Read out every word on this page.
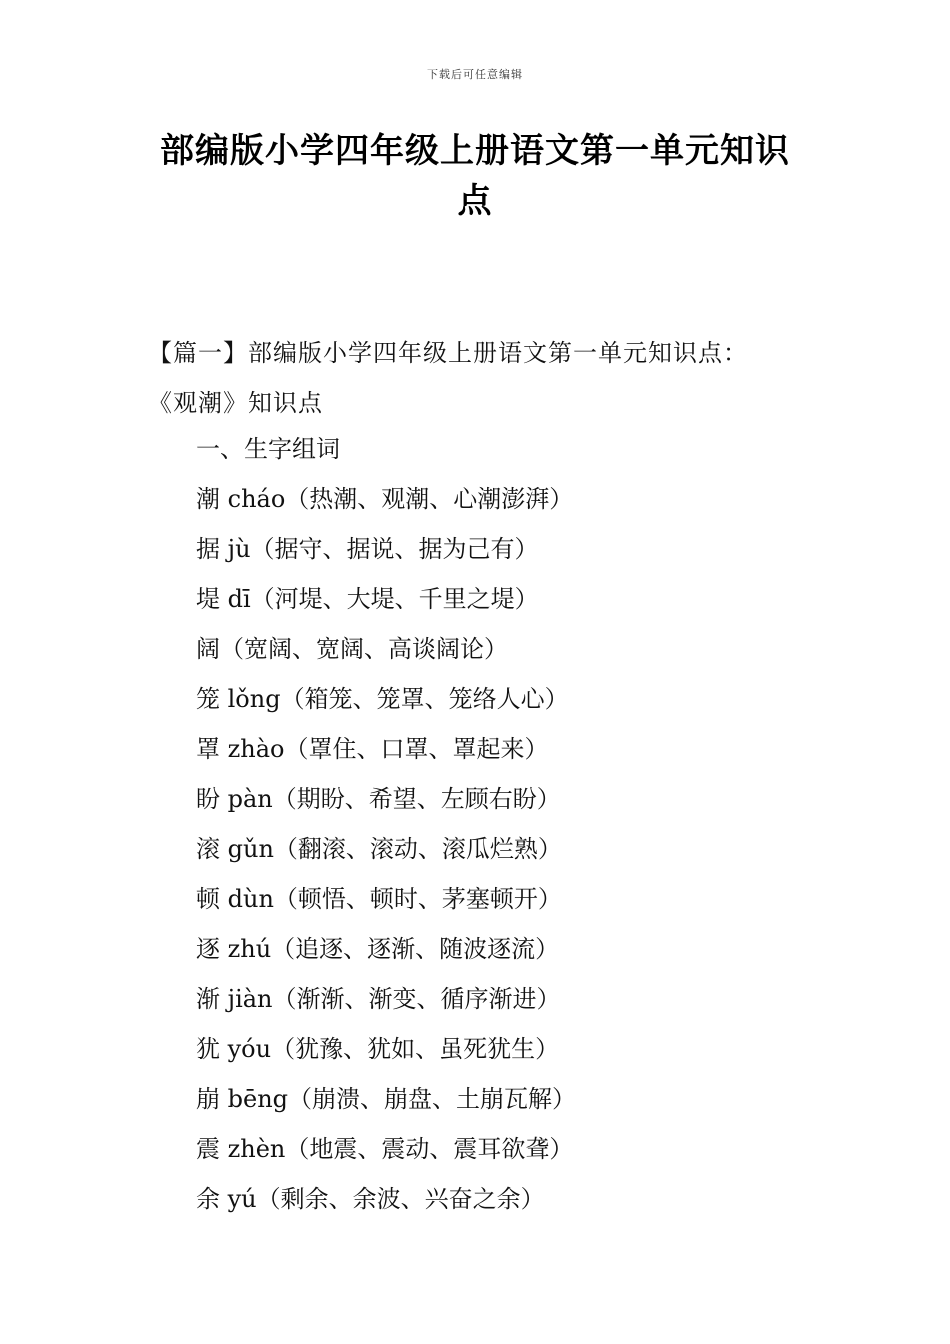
下载后可任意编辑
部编版小学四年级上册语文第一单元知识点

【篇一】部编版小学四年级上册语文第一单元知识点：

《观潮》知识点

一、生字组词
潮 cháo（热潮、观潮、心潮澎湃）
据 jù（据守、据说、据为己有）
堤 dī（河堤、大堤、千里之堤）
阔（宽阔、宽阔、高谈阔论）
笼 lǒng（箱笼、笼罩、笼络人心）
罩 zhào（罩住、口罩、罩起来）
盼 pàn（期盼、希望、左顾右盼）
滚 gǔn（翻滚、滚动、滚瓜烂熟）
顿 dùn（顿悟、顿时、茅塞顿开）
逐 zhú（追逐、逐渐、随波逐流）
渐 jiàn（渐渐、渐变、循序渐进）
犹 yóu（犹豫、犹如、虽死犹生）
崩 bēng（崩溃、崩盘、土崩瓦解）
震 zhèn（地震、震动、震耳欲聋）
余 yú（剩余、余波、兴奋之余）
